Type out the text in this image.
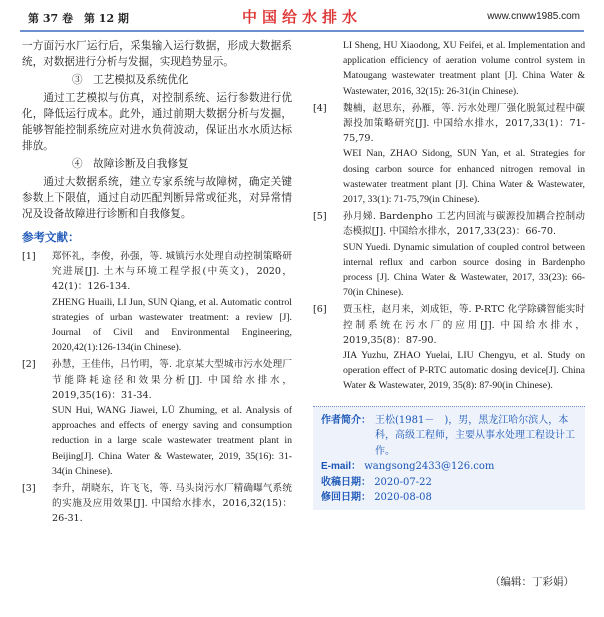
第 37 卷　第 12 期	中国给水排水	www.cnww1985.com

一方面污水厂运行后，采集输入运行数据，形成大数据系统，对数据进行分析与发掘，实现趋势显示。

③　工艺模拟及系统优化

通过工艺模拟与仿真，对控制系统、运行参数进行优化，降低运行成本。此外，通过前期大数据分析与发掘，能够智能控制系统应对进水负荷波动，保证出水水质达标排放。

④　故障诊断及自我修复

通过大数据系统，建立专家系统与故障树，确定关键参数上下限值，通过自动匹配判断异常或征兆，对异常情况及设备故障进行诊断和自我修复。

参考文献：
[1]	郑怀礼，李俊，孙强，等. 城镇污水处理自动控制策略研究进展[J]. 土木与环境工程学报(中英文)，2020，42(1)：126-134.
ZHENG Huaili, LI Jun, SUN Qiang, et al. Automatic control strategies of urban wastewater treatment: a review [J]. Journal of Civil and Environmental Engineering, 2020,42(1):126-134(in Chinese).
[2]	孙慧，王佳伟，吕竹明，等. 北京某大型城市污水处理厂节能降耗途径和效果分析[J]. 中国给水排水，2019,35(16)：31-34.
SUN Hui, WANG Jiawei, LÜ Zhuming, et al. Analysis of approaches and effects of energy saving and consumption reduction in a large scale wastewater treatment plant in Beijing[J]. China Water & Wastewater, 2019, 35(16): 31-34(in Chinese).
[3]	李升，胡晓东，许飞飞，等. 马头岗污水厂精确曝气系统的实施及应用效果[J]. 中国给水排水，2016,32(15)：26-31.
LI Sheng, HU Xiaodong, XU Feifei, et al. Implementation and application efficiency of aeration volume control system in Matougang wastewater treatment plant [J]. China Water & Wastewater, 2016, 32(15): 26-31(in Chinese).
[4]	魏楠，赵思东，孙雁，等. 污水处理厂强化脱氮过程中碳源投加策略研究[J]. 中国给水排水，2017,33(1)：71-75,79.
WEI Nan, ZHAO Sidong, SUN Yan, et al. Strategies for dosing carbon source for enhanced nitrogen removal in wastewater treatment plant [J]. China Water & Wastewater, 2017, 33(1): 71-75,79(in Chinese).
[5]	孙月娣. Bardenpho 工艺内回流与碳源投加耦合控制动态模拟[J]. 中国给水排水，2017,33(23)：66-70.
SUN Yuedi. Dynamic simulation of coupled control between internal reflux and carbon source dosing in Bardenpho process [J]. China Water & Wastewater, 2017, 33(23): 66-70(in Chinese).
[6]	贾玉柱，赵月来，刘成钜，等. P-RTC 化学除磷智能实时控制系统在污水厂的应用[J]. 中国给水排水，2019,35(8)：87-90.
JIA Yuzhu, ZHAO Yuelai, LIU Chengyu, et al. Study on operation effect of P-RTC automatic dosing device[J]. China Water & Wastewater, 2019, 35(8): 87-90(in Chinese).
作者简介： 王松(1981－　)，男，黑龙江哈尔滨人，本科，高级工程师，主要从事水处理工程设计工作。
E-mail： wangsong2433@126.com
收稿日期： 2020-07-22
修回日期： 2020-08-08
（编辑：丁彩娟）
